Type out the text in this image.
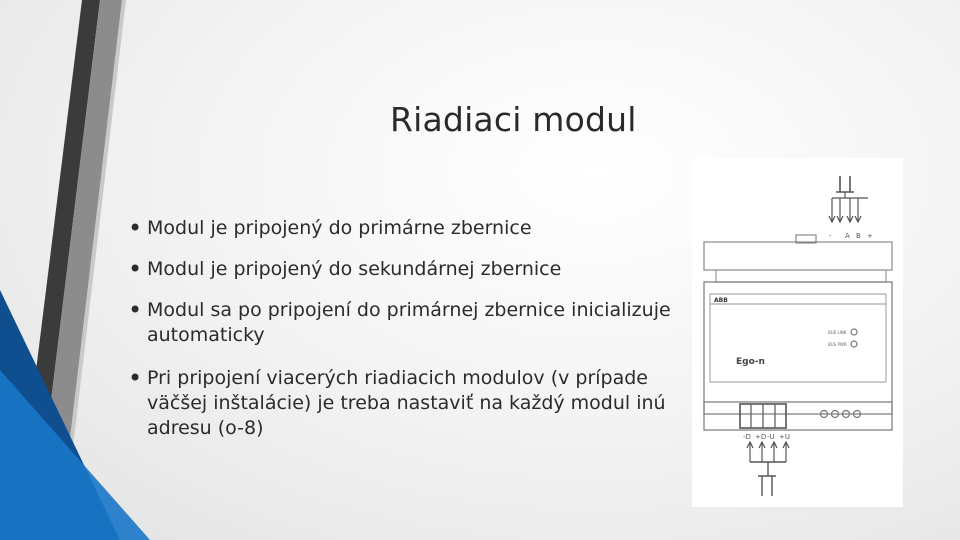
Riadiaci modul
• Modul je pripojený do primárne zbernice
• Modul je pripojený do sekundárnej zbernice
• Modul sa po pripojení do primárnej zbernice inicializuje automaticky
• Pri pripojení viacerých riadiacich modulov (v prípade väčšej inštalácie) je treba nastaviť na každý modul inú adresu (o-8)
- A B +
ABB
Ego-n
BUS LINK
BUS PWR
-D +D -U +U
